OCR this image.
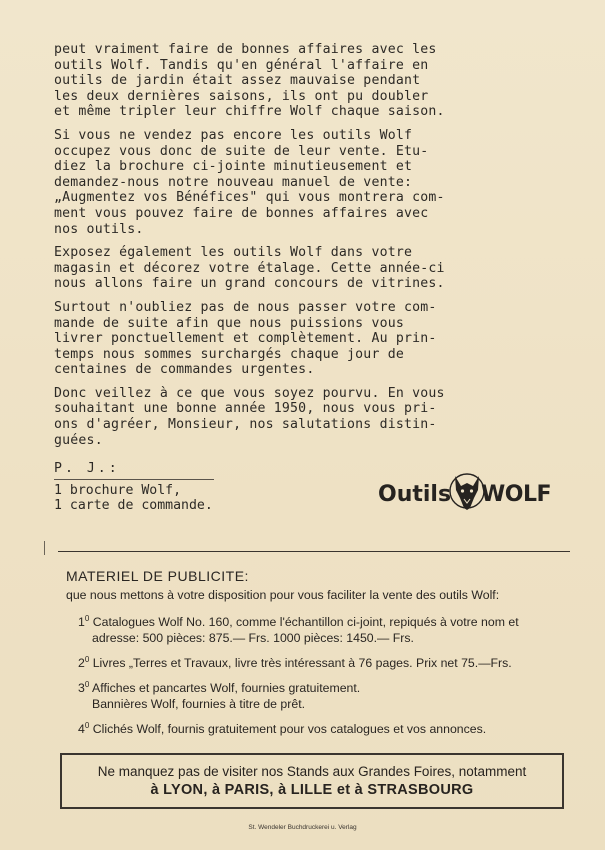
peut vraiment faire de bonnes affaires avec les
outils Wolf. Tandis qu'en général l'affaire en
outils de jardin était assez mauvaise pendant
les deux dernières saisons, ils ont pu doubler
et même tripler leur chiffre Wolf chaque saison.

Si vous ne vendez pas encore les outils Wolf
occupez vous donc de suite de leur vente. Etu-
diez la brochure ci-jointe minutieusement et
demandez-nous notre nouveau manuel de vente:
„Augmentez vos Bénéfices" qui vous montrera com-
ment vous pouvez faire de bonnes affaires avec
nos outils.

Exposez également les outils Wolf dans votre
magasin et décorez votre étalage. Cette année-ci
nous allons faire un grand concours de vitrines.

Surtout n'oubliez pas de nous passer votre com-
mande de suite afin que nous puissions vous
livrer ponctuellement et complètement. Au prin-
temps nous sommes surchargés chaque jour de
centaines de commandes urgentes.

Donc veillez à ce que vous soyez pourvu. En vous
souhaitant une bonne année 1950, nous vous pri-
ons d'agréer, Monsieur, nos salutations distin-
guées.

P. J.:
1 brochure Wolf,
1 carte de commande.	Outils WOLF
MATERIEL DE PUBLICITE:
que nous mettons à votre disposition pour vous faciliter la vente des outils Wolf:
$1^0$ Catalogues Wolf No. 160, comme l'échantillon ci-joint, repiqués à votre nom et
adresse: 500 pièces: 875.— Frs. 1000 pièces: 1450.— Frs.
$2^0$ Livres „Terres et Travaux, livre très intéressant à 76 pages. Prix net 75.—Frs.
$3^0$ Affiches et pancartes Wolf, fournies gratuitement.
Bannières Wolf, fournies à titre de prêt.
$4^0$ Clichés Wolf, fournis gratuitement pour vos catalogues et vos annonces.
Ne manquez pas de visiter nos Stands aux Grandes Foires, notamment
à LYON, à PARIS, à LILLE et à STRASBOURG
St. Wendeler Buchdruckerei u. Verlag
